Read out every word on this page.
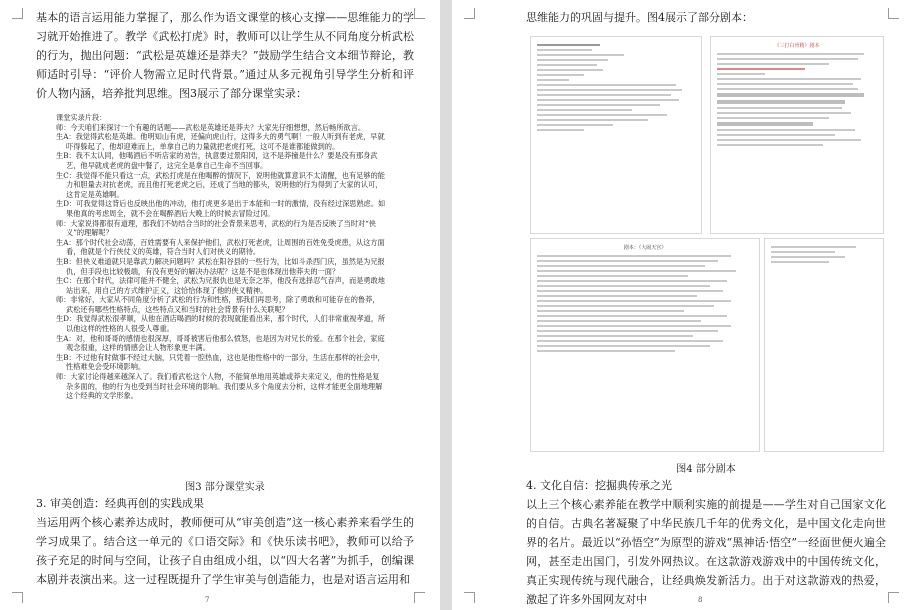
基本的语言运用能力掌握了，那么作为语文课堂的核心支撑——思维能力的学习就开始推进了。教学《武松打虎》时，教师可以让学生从不同角度分析武松的行为，抛出问题：“武松是英雄还是莽夫？”鼓励学生结合文本细节辩论，教师适时引导：“评价人物需立足时代背景。”通过从多元视角引导学生分析和评价人物内涵，培养批判思维。图3展示了部分课堂实录：

课堂实录片段：
师：今天咱们来探讨一个有趣的话题——武松是英雄还是莽夫？大家先仔细想想，然后畅所欲言。
生A：我觉得武松是英雄。他明知山有虎，还偏向虎山行，这得多大的勇气啊！一般人听到有老虎，早就吓得躲起了，他却迎难而上，单拿自己的力量就把老虎打死，这可不是谁都能做到的。
生B：我不太认同，他喝酒后不听店家的劝告，执意要过景阳冈，这不是莽撞是什么？要是没有那身武艺，他早就成老虎的盘中餐了，这完全是拿自己生命不当回事。
生C：我觉得不能只看这一点，武松打虎是在他喝醉的情况下，说明他就算意识不太清醒，也有足够的能力和胆量去对抗老虎，而且他打死老虎之后，还成了当地的都头，说明他的行为得到了大家的认可，这肯定是英雄啊。
生D：可我觉得这背后也反映出他的冲动，他打虎更多是出于本能和一时的激情，没有经过深思熟虑。如果他真的考虑周全，就不会在喝醉酒后大晚上的时候去冒险过冈。
师：大家说得都很有道理，那我们不妨结合当时的社会背景来思考，武松的行为是否反映了当时对“侠义”的理解呢？
生A：那个时代社会动荡，百姓需要有人来保护他们，武松打死老虎，让周围的百姓免受虎患，从这方面看，他就是个行侠仗义的英雄，符合当时人们对侠义的期待。
生B：但侠义难道就只是靠武力解决问题吗？武松在阳谷县的一些行为，比如斗杀西门庆，虽然是为兄报仇，但手段也比较极端，有没有更好的解决办法呢？这是不是也体现出他莽夫的一面？
生C：在那个时代，法律可能并不健全，武松为兄报仇也是无奈之举，他没有选择忍气吞声，而是勇敢地站出来，用自己的方式维护正义，这恰恰体现了他的侠义精神。
师：非常好，大家从不同角度分析了武松的行为和性格，那我们再思考，除了勇敢和可能存在的鲁莽，武松还有哪些性格特点，这些特点又和当时的社会背景有什么关联呢？
生D：我觉得武松很孝顺，从他在酒店喝酒的时候的表现就能看出来，那个时代，人们非常重视孝道，所以他这样的性格的人很受人尊重。
生A：对，他和哥哥的感情也很深厚，哥哥被害后他那么愤怒，也是因为对兄长的爱。在那个社会，家庭观念很重，这样的情感会让人物形象更丰满。
生B：不过他有时做事不经过大脑，只凭着一腔热血，这也是他性格中的一部分，生活在那样的社会中，性格难免会受环境影响。
师：大家讨论得越来越深入了。我们看武松这个人物，不能简单地用英雄或莽夫来定义，他的性格是复杂多面的，他的行为也受到当时社会环境的影响。我们要从多个角度去分析，这样才能更全面地理解这个经典的文学形象。
图3 部分课堂实录
3. 审美创造：经典再创的实践成果

当运用两个核心素养达成时，教师便可从“审美创造”这一核心素养来看学生的学习成果了。结合这一单元的《口语交际》和《快乐读书吧》，教师可以给予孩子充足的时间与空间，让孩子自由组成小组，以“四大名著”为抓手，创编课本剧并表演出来。这一过程既提升了学生审美与创造能力，也是对语言运用和

7

思维能力的巩固与提升。图4展示了部分剧本：

《三打白骨精》剧本
剧本：《大闹天宫》
图4 部分剧本
4. 文化自信：挖掘典传承之光

以上三个核心素养能在教学中顺利实施的前提是——学生对自己国家文化的自信。古典名著凝聚了中华民族几千年的优秀文化，是中国文化走向世界的名片。最近以“孙悟空”为原型的游戏“黑神话·悟空”一经面世便火遍全网，甚至走出国门，引发外网热议。在这款游戏游戏中的中国传统文化，真正实现传统与现代融合，让经典焕发新活力。出于对这款游戏的热爱，激起了许多外国网友对中	8
